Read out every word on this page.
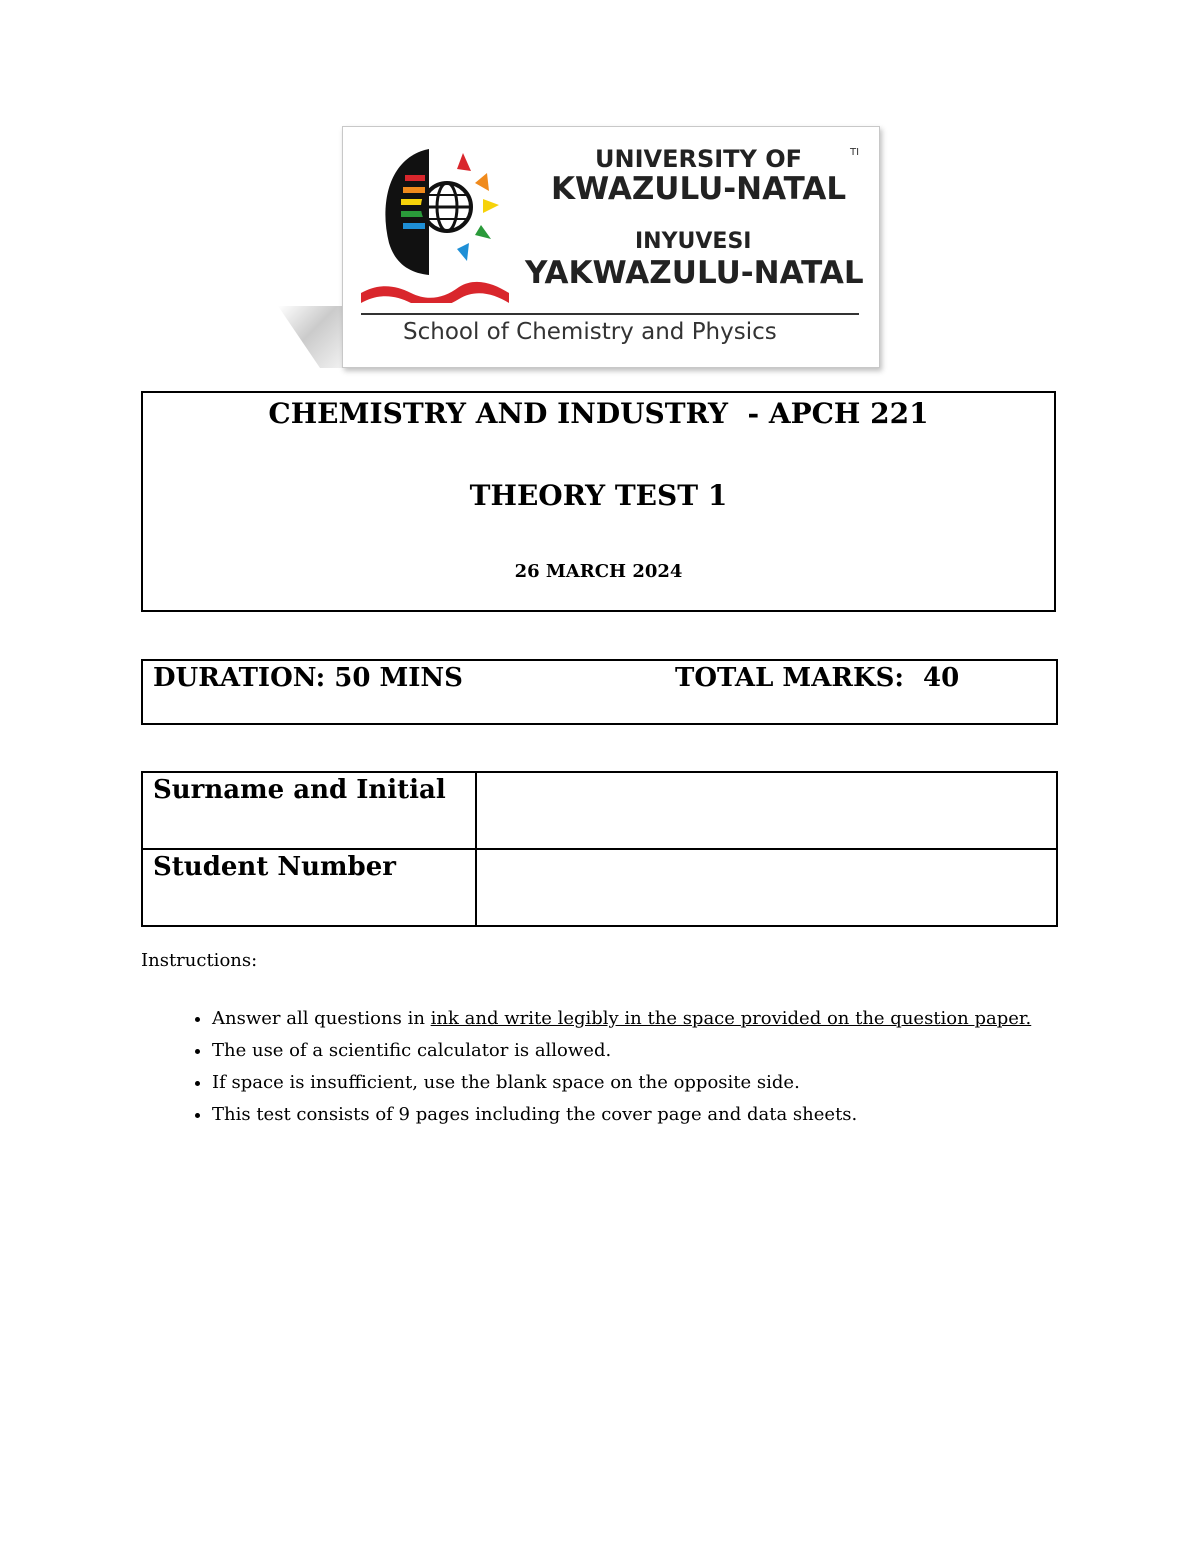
UNIVERSITY OF
KWAZULU-NATAL
INYUVESI
YAKWAZULU-NATAL
TI
School of Chemistry and Physics
CHEMISTRY AND INDUSTRY  - APCH 221
THEORY TEST 1
26 MARCH 2024
DURATION: 50 MINS	TOTAL MARKS: 40
Surname and Initial	
Student Number	
Instructions:
• Answer all questions in ink and write legibly in the space provided on the question paper.
• The use of a scientific calculator is allowed.
• If space is insufficient, use the blank space on the opposite side.
• This test consists of 9 pages including the cover page and data sheets.
